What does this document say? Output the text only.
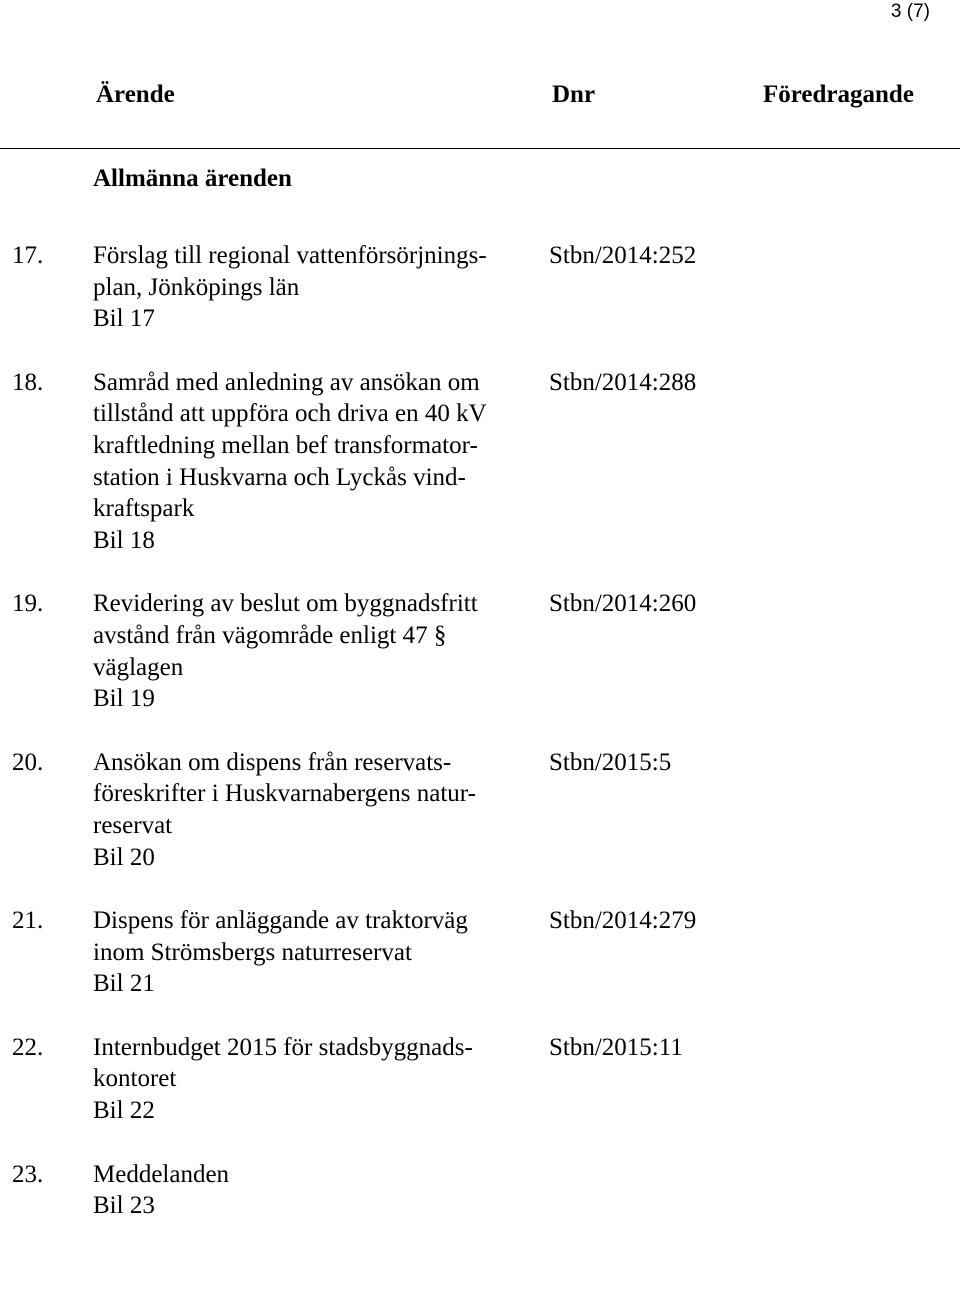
3 (7)
Ärende	Dnr	Föredragande
Allmänna ärenden
17. Förslag till regional vattenförsörjnings-
plan, Jönköpings län
Bil 17
Stbn/2014:252
18. Samråd med anledning av ansökan om
tillstånd att uppföra och driva en 40 kV
kraftledning mellan bef transformator-
station i Huskvarna och Lyckås vind-
kraftspark
Bil 18
Stbn/2014:288
19. Revidering av beslut om byggnadsfritt
avstånd från vägområde enligt 47 §
väglagen
Bil 19
Stbn/2014:260
20. Ansökan om dispens från reservats-
föreskrifter i Huskvarnabergens natur-
reservat
Bil 20
Stbn/2015:5
21. Dispens för anläggande av traktorväg
inom Strömsbergs naturreservat
Bil 21
Stbn/2014:279
22. Internbudget 2015 för stadsbyggnads-
kontoret
Bil 22
Stbn/2015:11
23. Meddelanden
Bil 23
